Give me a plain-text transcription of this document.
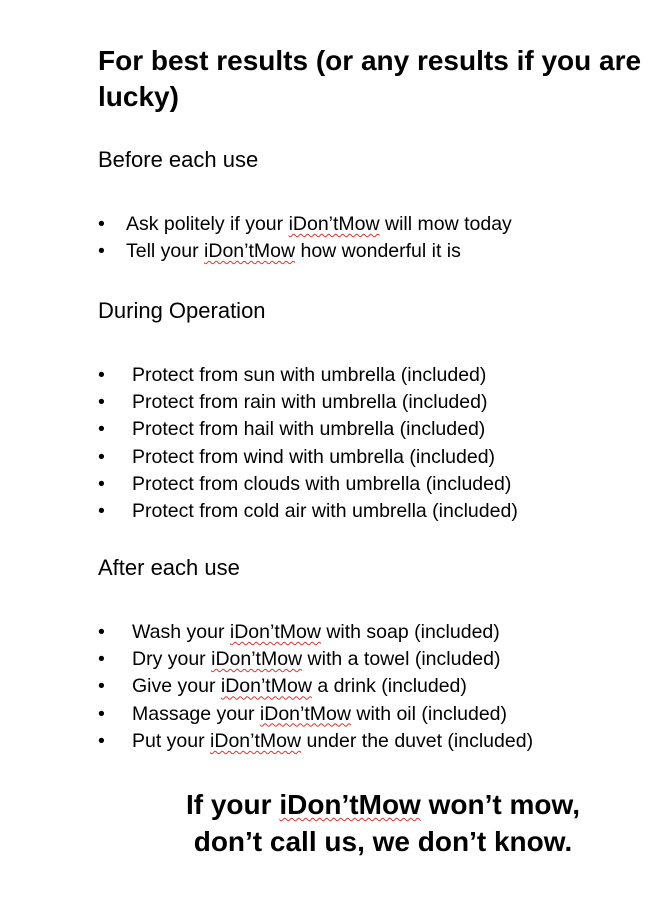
For best results (or any results if you are lucky)
Before each use
• Ask politely if your iDon’tMow will mow today
• Tell your iDon’tMow how wonderful it is
During Operation
• Protect from sun with umbrella (included)
• Protect from rain with umbrella (included)
• Protect from hail with umbrella (included)
• Protect from wind with umbrella (included)
• Protect from clouds with umbrella (included)
• Protect from cold air with umbrella (included)
After each use
• Wash your iDon’tMow with soap (included)
• Dry your iDon’tMow with a towel (included)
• Give your iDon’tMow a drink (included)
• Massage your iDon’tMow with oil (included)
• Put your iDon’tMow under the duvet (included)
If your iDon’tMow won’t mow,
don’t call us, we don’t know.
